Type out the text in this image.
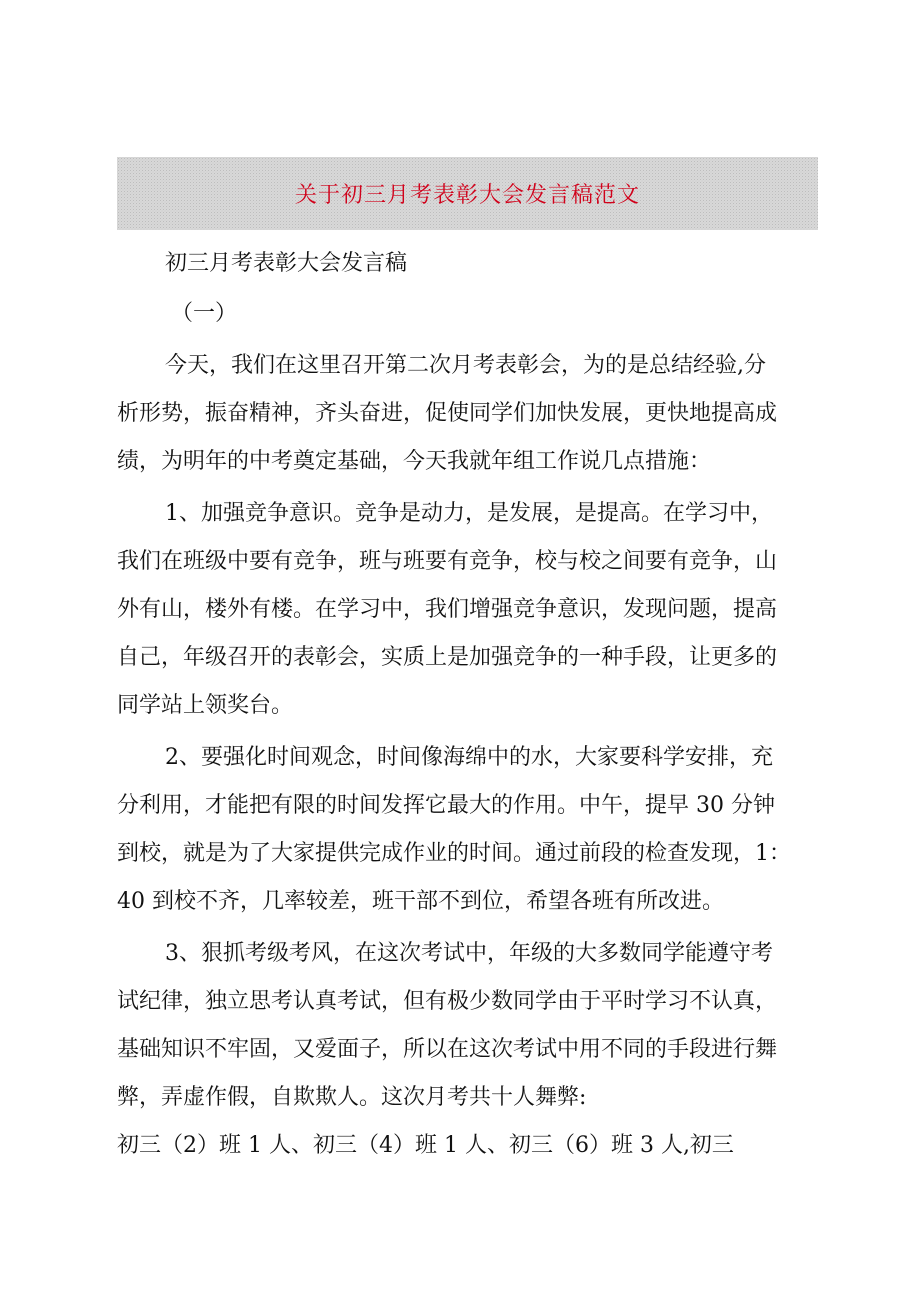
关于初三月考表彰大会发言稿范文
初三月考表彰大会发言稿
（一）
今天，我们在这里召开第二次月考表彰会，为的是总结经验,分
析形势，振奋精神，齐头奋进，促使同学们加快发展，更快地提高成
绩，为明年的中考奠定基础，今天我就年组工作说几点措施：
1、加强竞争意识。竞争是动力，是发展，是提高。在学习中，
我们在班级中要有竞争，班与班要有竞争，校与校之间要有竞争，山
外有山，楼外有楼。在学习中，我们增强竞争意识，发现问题，提高
自己，年级召开的表彰会，实质上是加强竞争的一种手段，让更多的
同学站上领奖台。
2、要强化时间观念，时间像海绵中的水，大家要科学安排，充
分利用，才能把有限的时间发挥它最大的作用。中午，提早 30 分钟
到校，就是为了大家提供完成作业的时间。通过前段的检查发现，1：
40 到校不齐，几率较差，班干部不到位，希望各班有所改进。
3、狠抓考级考风，在这次考试中，年级的大多数同学能遵守考
试纪律，独立思考认真考试，但有极少数同学由于平时学习不认真，
基础知识不牢固，又爱面子，所以在这次考试中用不同的手段进行舞
弊，弄虚作假，自欺欺人。这次月考共十人舞弊:
初三（2）班 1 人、初三（4）班 1 人、初三（6）班 3 人,初三
